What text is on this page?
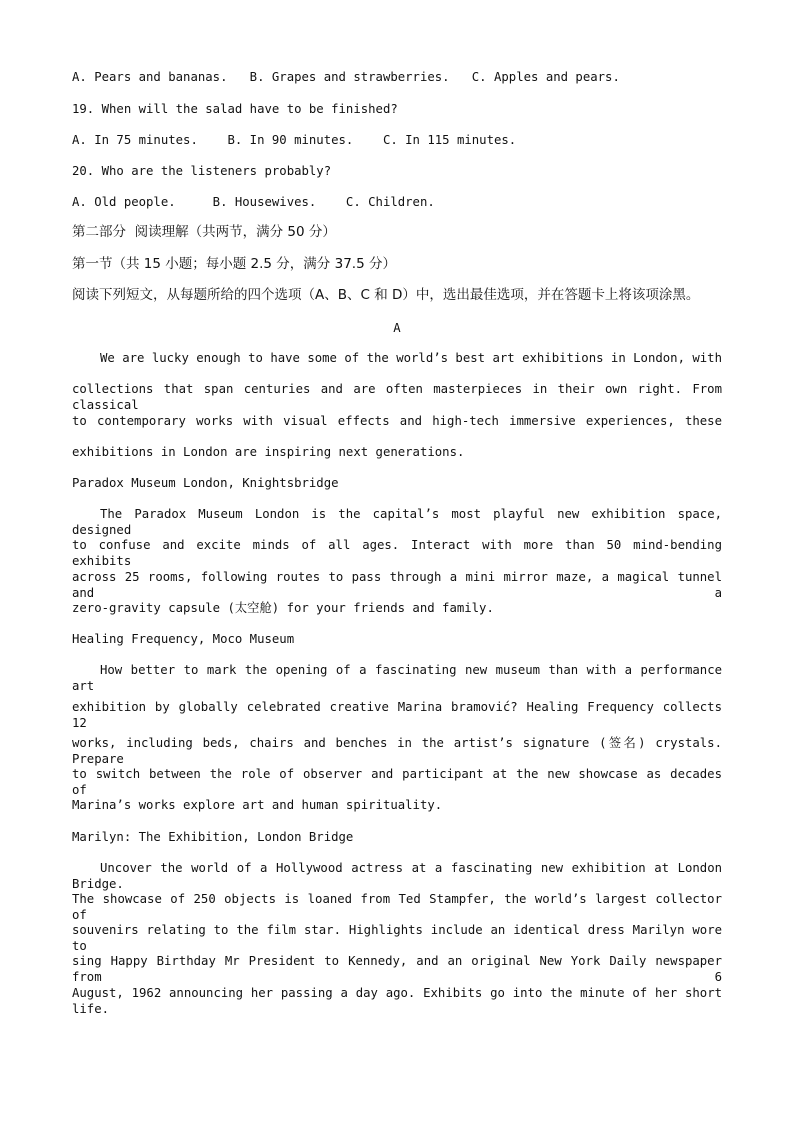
A. Pears and bananas.   B. Grapes and strawberries.   C. Apples and pears.
19. When will the salad have to be finished?
A. In 75 minutes.    B. In 90 minutes.    C. In 115 minutes.
20. Who are the listeners probably?
A. Old people.     B. Housewives.    C. Children.
第二部分  阅读理解（共两节，满分 50 分）
第一节（共 15 小题；每小题 2.5 分，满分 37.5 分）
阅读下列短文，从每题所给的四个选项（A、B、C 和 D）中，选出最佳选项，并在答题卡上将该项涂黑。
A
We are lucky enough to have some of the world’s best art exhibitions in London, with
collections that span centuries and are often masterpieces in their own right. From classical
to contemporary works with visual effects and high-tech immersive experiences, these
exhibitions in London are inspiring next generations.
Paradox Museum London, Knightsbridge
The Paradox Museum London is the capital’s most playful new exhibition space, designed
to confuse and excite minds of all ages. Interact with more than 50 mind-bending exhibits
across 25 rooms, following routes to pass through a mini mirror maze, a magical tunnel and a
zero-gravity capsule (太空舱) for your friends and family.
Healing Frequency, Moco Museum
How better to mark the opening of a fascinating new museum than with a performance art
exhibition by globally celebrated creative Marina bramović? Healing Frequency collects 12
works, including beds, chairs and benches in the artist’s signature (签名) crystals. Prepare
to switch between the role of observer and participant at the new showcase as decades of
Marina’s works explore art and human spirituality.
Marilyn: The Exhibition, London Bridge
Uncover the world of a Hollywood actress at a fascinating new exhibition at London Bridge.
The showcase of 250 objects is loaned from Ted Stampfer, the world’s largest collector of
souvenirs relating to the film star. Highlights include an identical dress Marilyn wore to
sing Happy Birthday Mr President to Kennedy, and an original New York Daily newspaper from 6
August, 1962 announcing her passing a day ago. Exhibits go into the minute of her short life.
